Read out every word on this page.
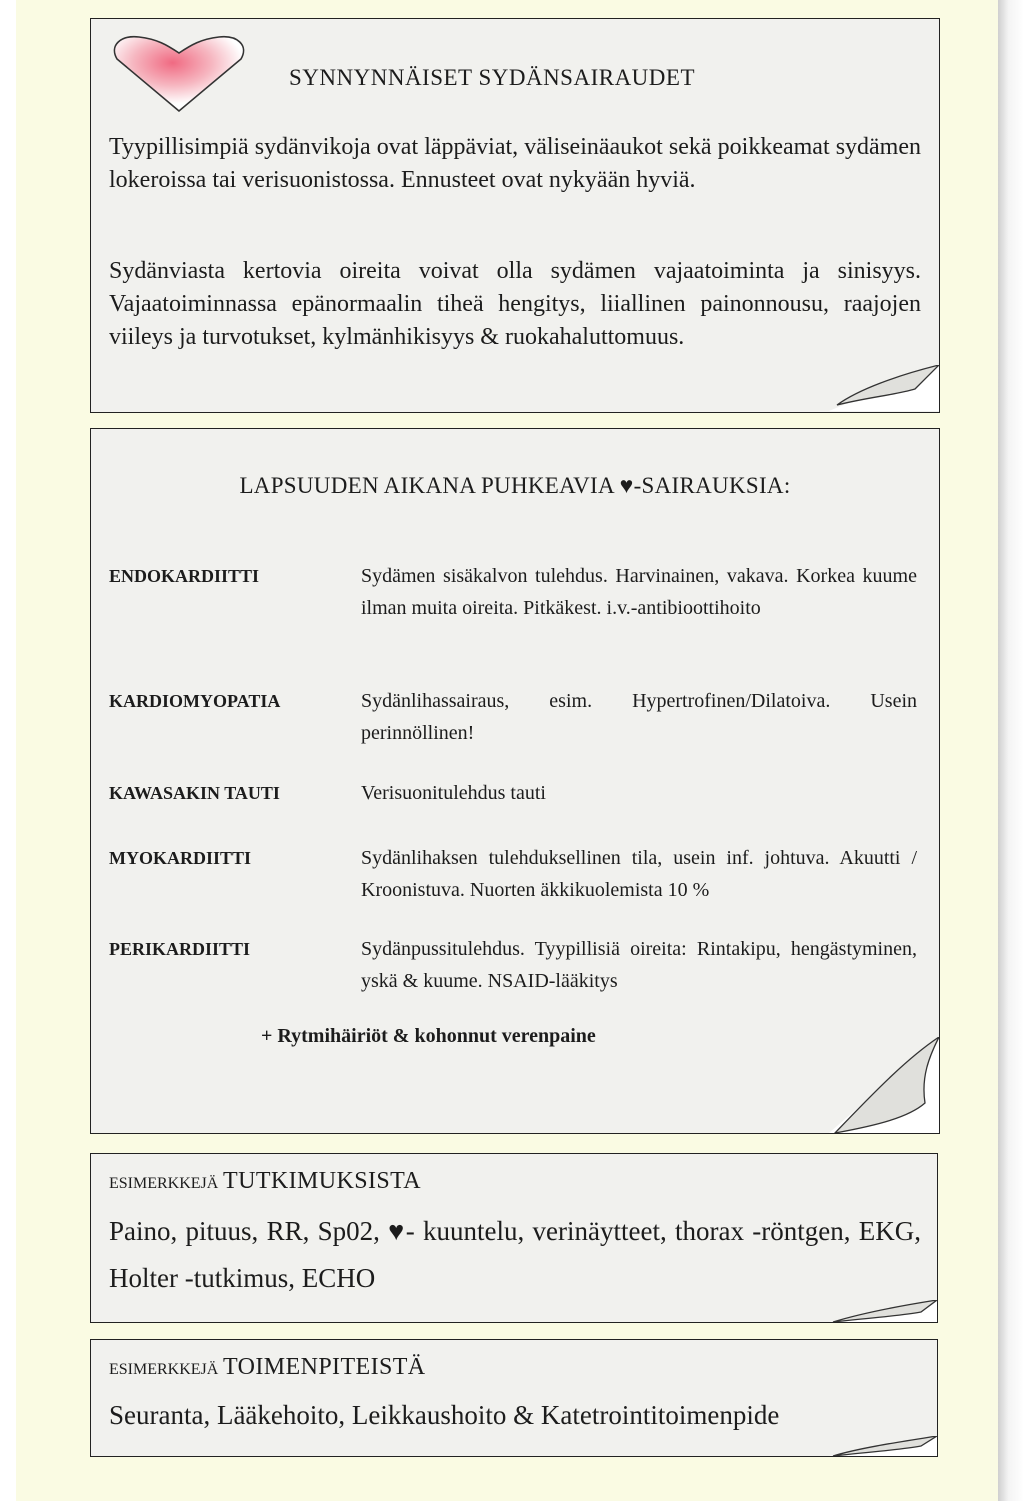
SYNNYNNÄISET SYDÄNSAIRAUDET

Tyypillisimpiä sydänvikoja ovat läppäviat, väliseinäaukot sekä poikkeamat sydämen lokeroissa tai verisuonistossa. Ennusteet ovat nykyään hyviä.

Sydänviasta kertovia oireita voivat olla sydämen vajaatoiminta ja sinisyys. Vajaatoiminnassa epänormaalin tiheä hengitys, liiallinen painonnousu, raajojen viileys ja turvotukset, kylmänhikisyys & ruokahaluttomuus.

LAPSUUDEN AIKANA PUHKEAVIA ♥-SAIRAUKSIA:
ENDOKARDIITTI	Sydämen sisäkalvon tulehdus. Harvinainen, vakava. Korkea kuume ilman muita oireita. Pitkäkest. i.v.-antibioottihoito
KARDIOMYOPATIA	Sydänlihassairaus, esim. Hypertrofinen/Dilatoiva. Usein perinnöllinen!
KAWASAKIN TAUTI	Verisuonitulehdus tauti
MYOKARDIITTI	Sydänlihaksen tulehduksellinen tila, usein inf. johtuva. Akuutti / Kroonistuva. Nuorten äkkikuolemista 10 %
PERIKARDIITTI	Sydänpussitulehdus. Tyypillisiä oireita: Rintakipu, hengästyminen, yskä & kuume. NSAID-lääkitys

+ Rytmihäiriöt & kohonnut verenpaine

ESIMERKKEJÄ TUTKIMUKSISTA

Paino, pituus, RR, Sp02, ♥- kuuntelu, verinäytteet, thorax -röntgen, EKG, Holter -tutkimus, ECHO

ESIMERKKEJÄ TOIMENPITEISTÄ

Seuranta, Lääkehoito, Leikkaushoito & Katetrointitoimenpide
